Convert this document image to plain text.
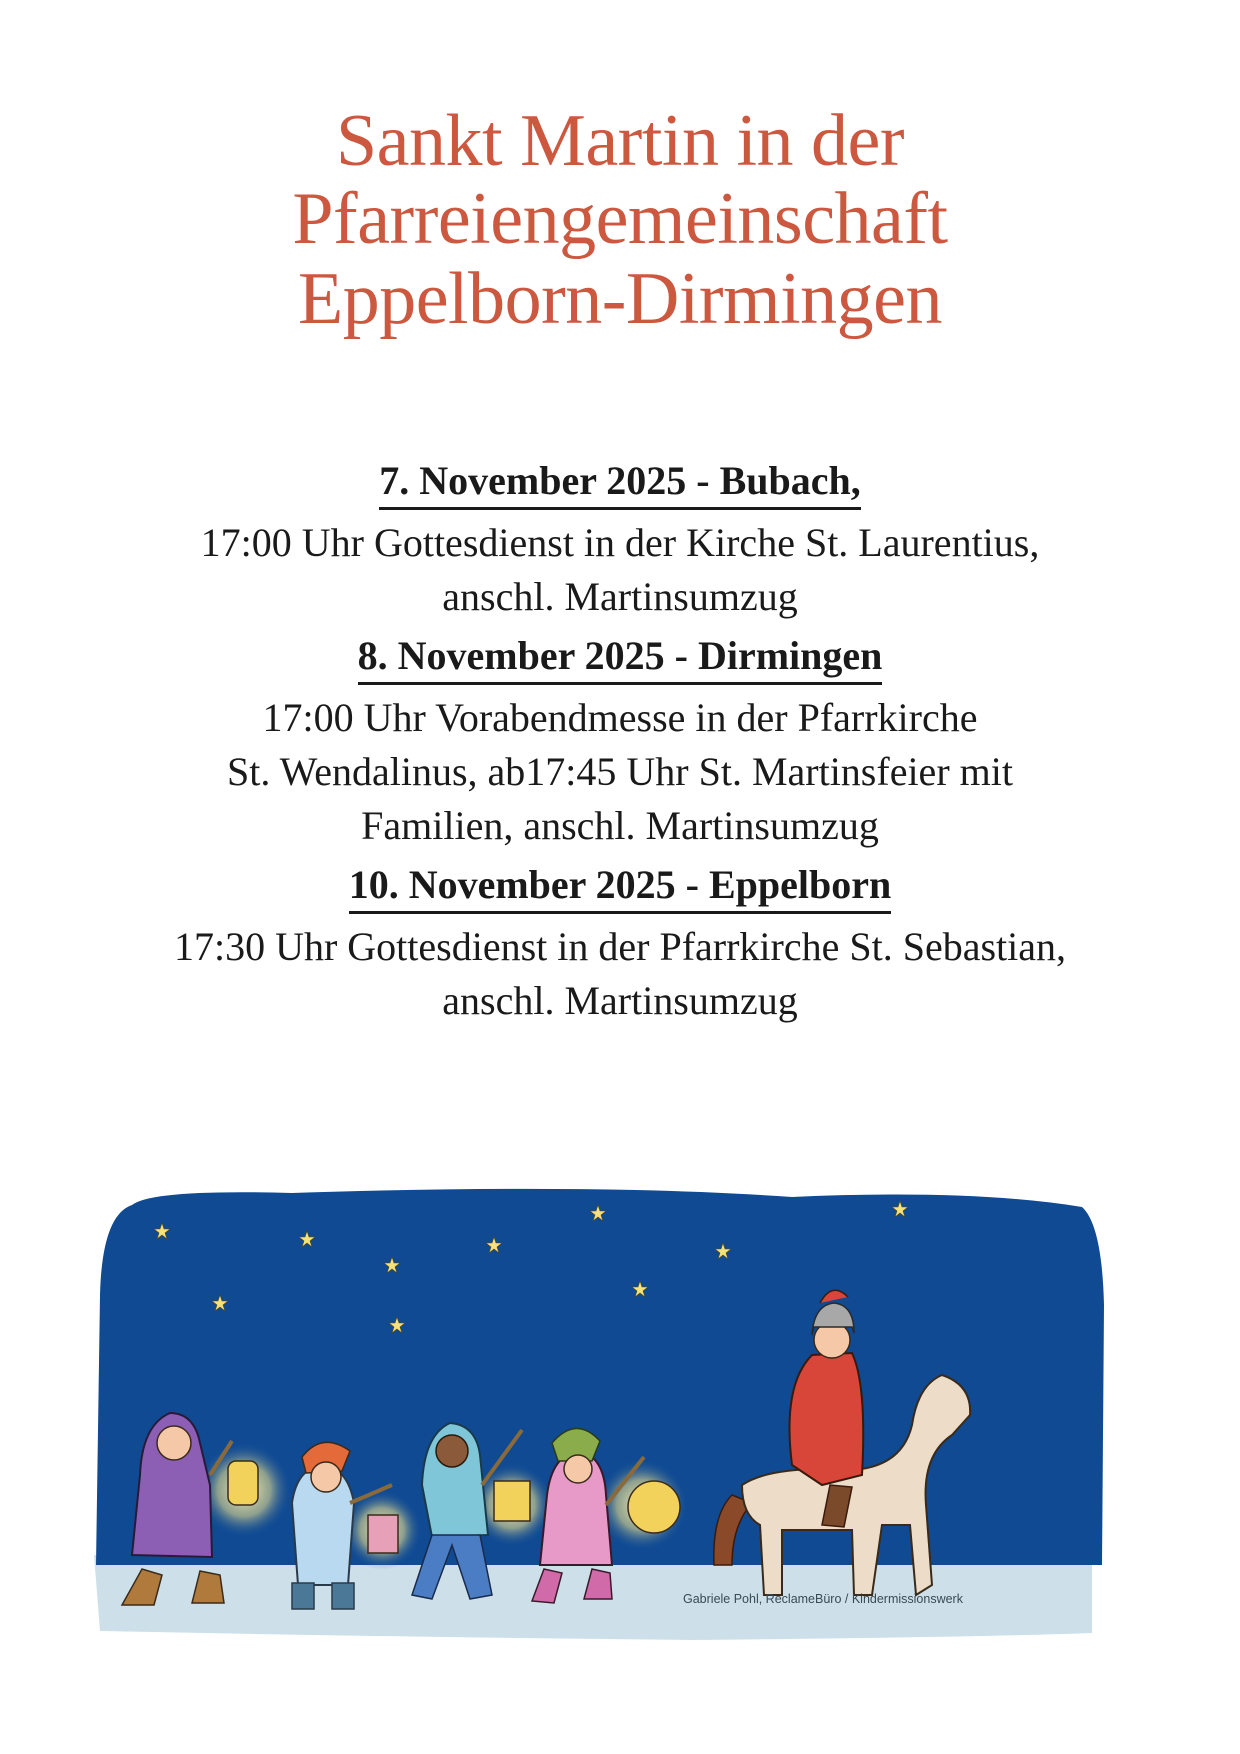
Sankt Martin in der
Pfarreiengemeinschaft
Eppelborn-Dirmingen
7. November 2025 - Bubach,
17:00 Uhr Gottesdienst in der Kirche St. Laurentius,
anschl. Martinsumzug
8. November 2025 - Dirmingen
17:00 Uhr Vorabendmesse in der Pfarrkirche
St. Wendalinus, ab17:45 Uhr St. Martinsfeier mit
Familien, anschl. Martinsumzug
10. November 2025 - Eppelborn
17:30 Uhr Gottesdienst in der Pfarrkirche St. Sebastian,
anschl. Martinsumzug
Gabriele Pohl, ReclameBüro / Kindermissionswerk
